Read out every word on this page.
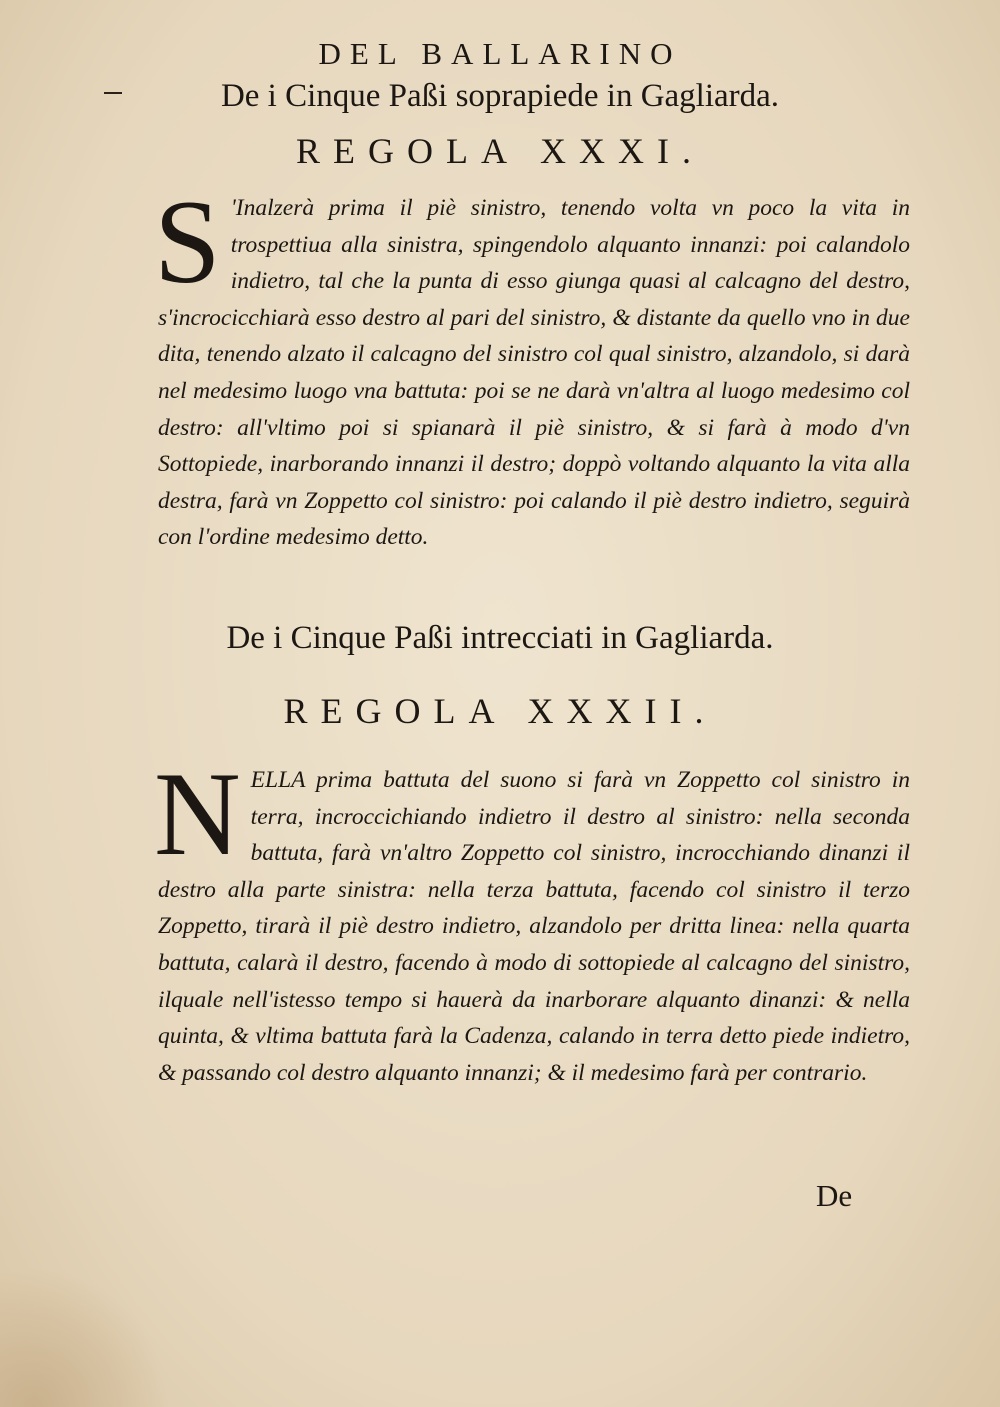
DEL BALLARINO
De i Cinque Paßi soprapiede in Gagliarda.
REGOLA XXXI.
S 'Inalzerà prima il piè sinistro, tenendo volta vn poco la vita in trospettiua alla sinistra, spingendolo alquanto innanzi: poi calandolo indietro, tal che la punta di esso giunga quasi al calcagno del destro, s'incrocicchiarà esso destro al pari del sinistro, & distante da quello vno in due dita, tenendo alzato il calcagno del sinistro col qual sinistro, alzandolo, si darà nel medesimo luogo vna battuta: poi se ne darà vn'altra al luogo medesimo col destro: all'vltimo poi si spianarà il piè sinistro, & si farà à modo d'vn Sottopiede, inarborando innanzi il destro; doppò voltando alquanto la vita alla destra, farà vn Zoppetto col sinistro: poi calando il piè destro indietro, seguirà con l'ordine medesimo detto.
De i Cinque Paßi intrecciati in Gagliarda.
REGOLA XXXII.
NELLA prima battuta del suono si farà vn Zoppetto col sinistro in terra, incroccichiando indietro il destro al sinistro: nella seconda battuta, farà vn'altro Zoppetto col sinistro, incrocchiando dinanzi il destro alla parte sinistra: nella terza battuta, facendo col sinistro il terzo Zoppetto, tirarà il piè destro indietro, alzandolo per dritta linea: nella quarta battuta, calarà il destro, facendo à modo di sottopiede al calcagno del sinistro, ilquale nell'istesso tempo si hauerà da inarborare alquanto dinanzi: & nella quinta, & vltima battuta farà la Cadenza, calando in terra detto piede indietro, & passando col destro alquanto innanzi; & il medesimo farà per contrario.
De
